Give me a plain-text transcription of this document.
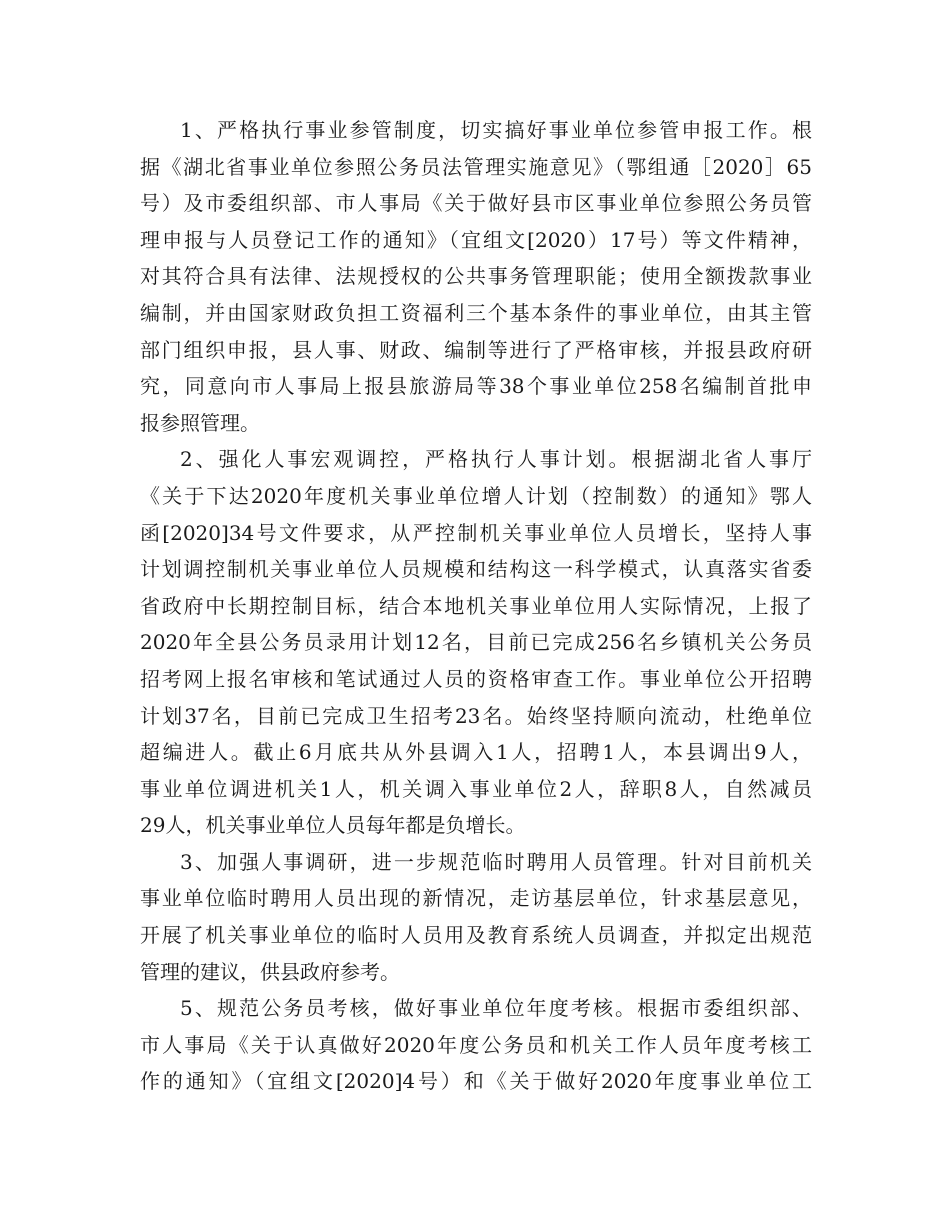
1、严格执行事业参管制度，切实搞好事业单位参管申报工作。根
据《湖北省事业单位参照公务员法管理实施意见》（鄂组通［2020］65
号）及市委组织部、市人事局《关于做好县市区事业单位参照公务员管
理申报与人员登记工作的通知》（宜组文[2020）17号）等文件精神，
对其符合具有法律、法规授权的公共事务管理职能；使用全额拨款事业
编制，并由国家财政负担工资福利三个基本条件的事业单位，由其主管
部门组织申报，县人事、财政、编制等进行了严格审核，并报县政府研
究，同意向市人事局上报县旅游局等38个事业单位258名编制首批申
报参照管理。
2、强化人事宏观调控，严格执行人事计划。根据湖北省人事厅
《关于下达2020年度机关事业单位增人计划（控制数）的通知》鄂人
函[2020]34号文件要求，从严控制机关事业单位人员增长，坚持人事
计划调控制机关事业单位人员规模和结构这一科学模式，认真落实省委
省政府中长期控制目标，结合本地机关事业单位用人实际情况，上报了
2020年全县公务员录用计划12名，目前已完成256名乡镇机关公务员
招考网上报名审核和笔试通过人员的资格审查工作。事业单位公开招聘
计划37名，目前已完成卫生招考23名。始终坚持顺向流动，杜绝单位
超编进人。截止6月底共从外县调入1人，招聘1人，本县调出9人，
事业单位调进机关1人，机关调入事业单位2人，辞职8人，自然减员
29人，机关事业单位人员每年都是负增长。
3、加强人事调研，进一步规范临时聘用人员管理。针对目前机关
事业单位临时聘用人员出现的新情况，走访基层单位，针求基层意见，
开展了机关事业单位的临时人员用及教育系统人员调查，并拟定出规范
管理的建议，供县政府参考。
5、规范公务员考核，做好事业单位年度考核。根据市委组织部、
市人事局《关于认真做好2020年度公务员和机关工作人员年度考核工
作的通知》（宜组文[2020]4号）和《关于做好2020年度事业单位工
